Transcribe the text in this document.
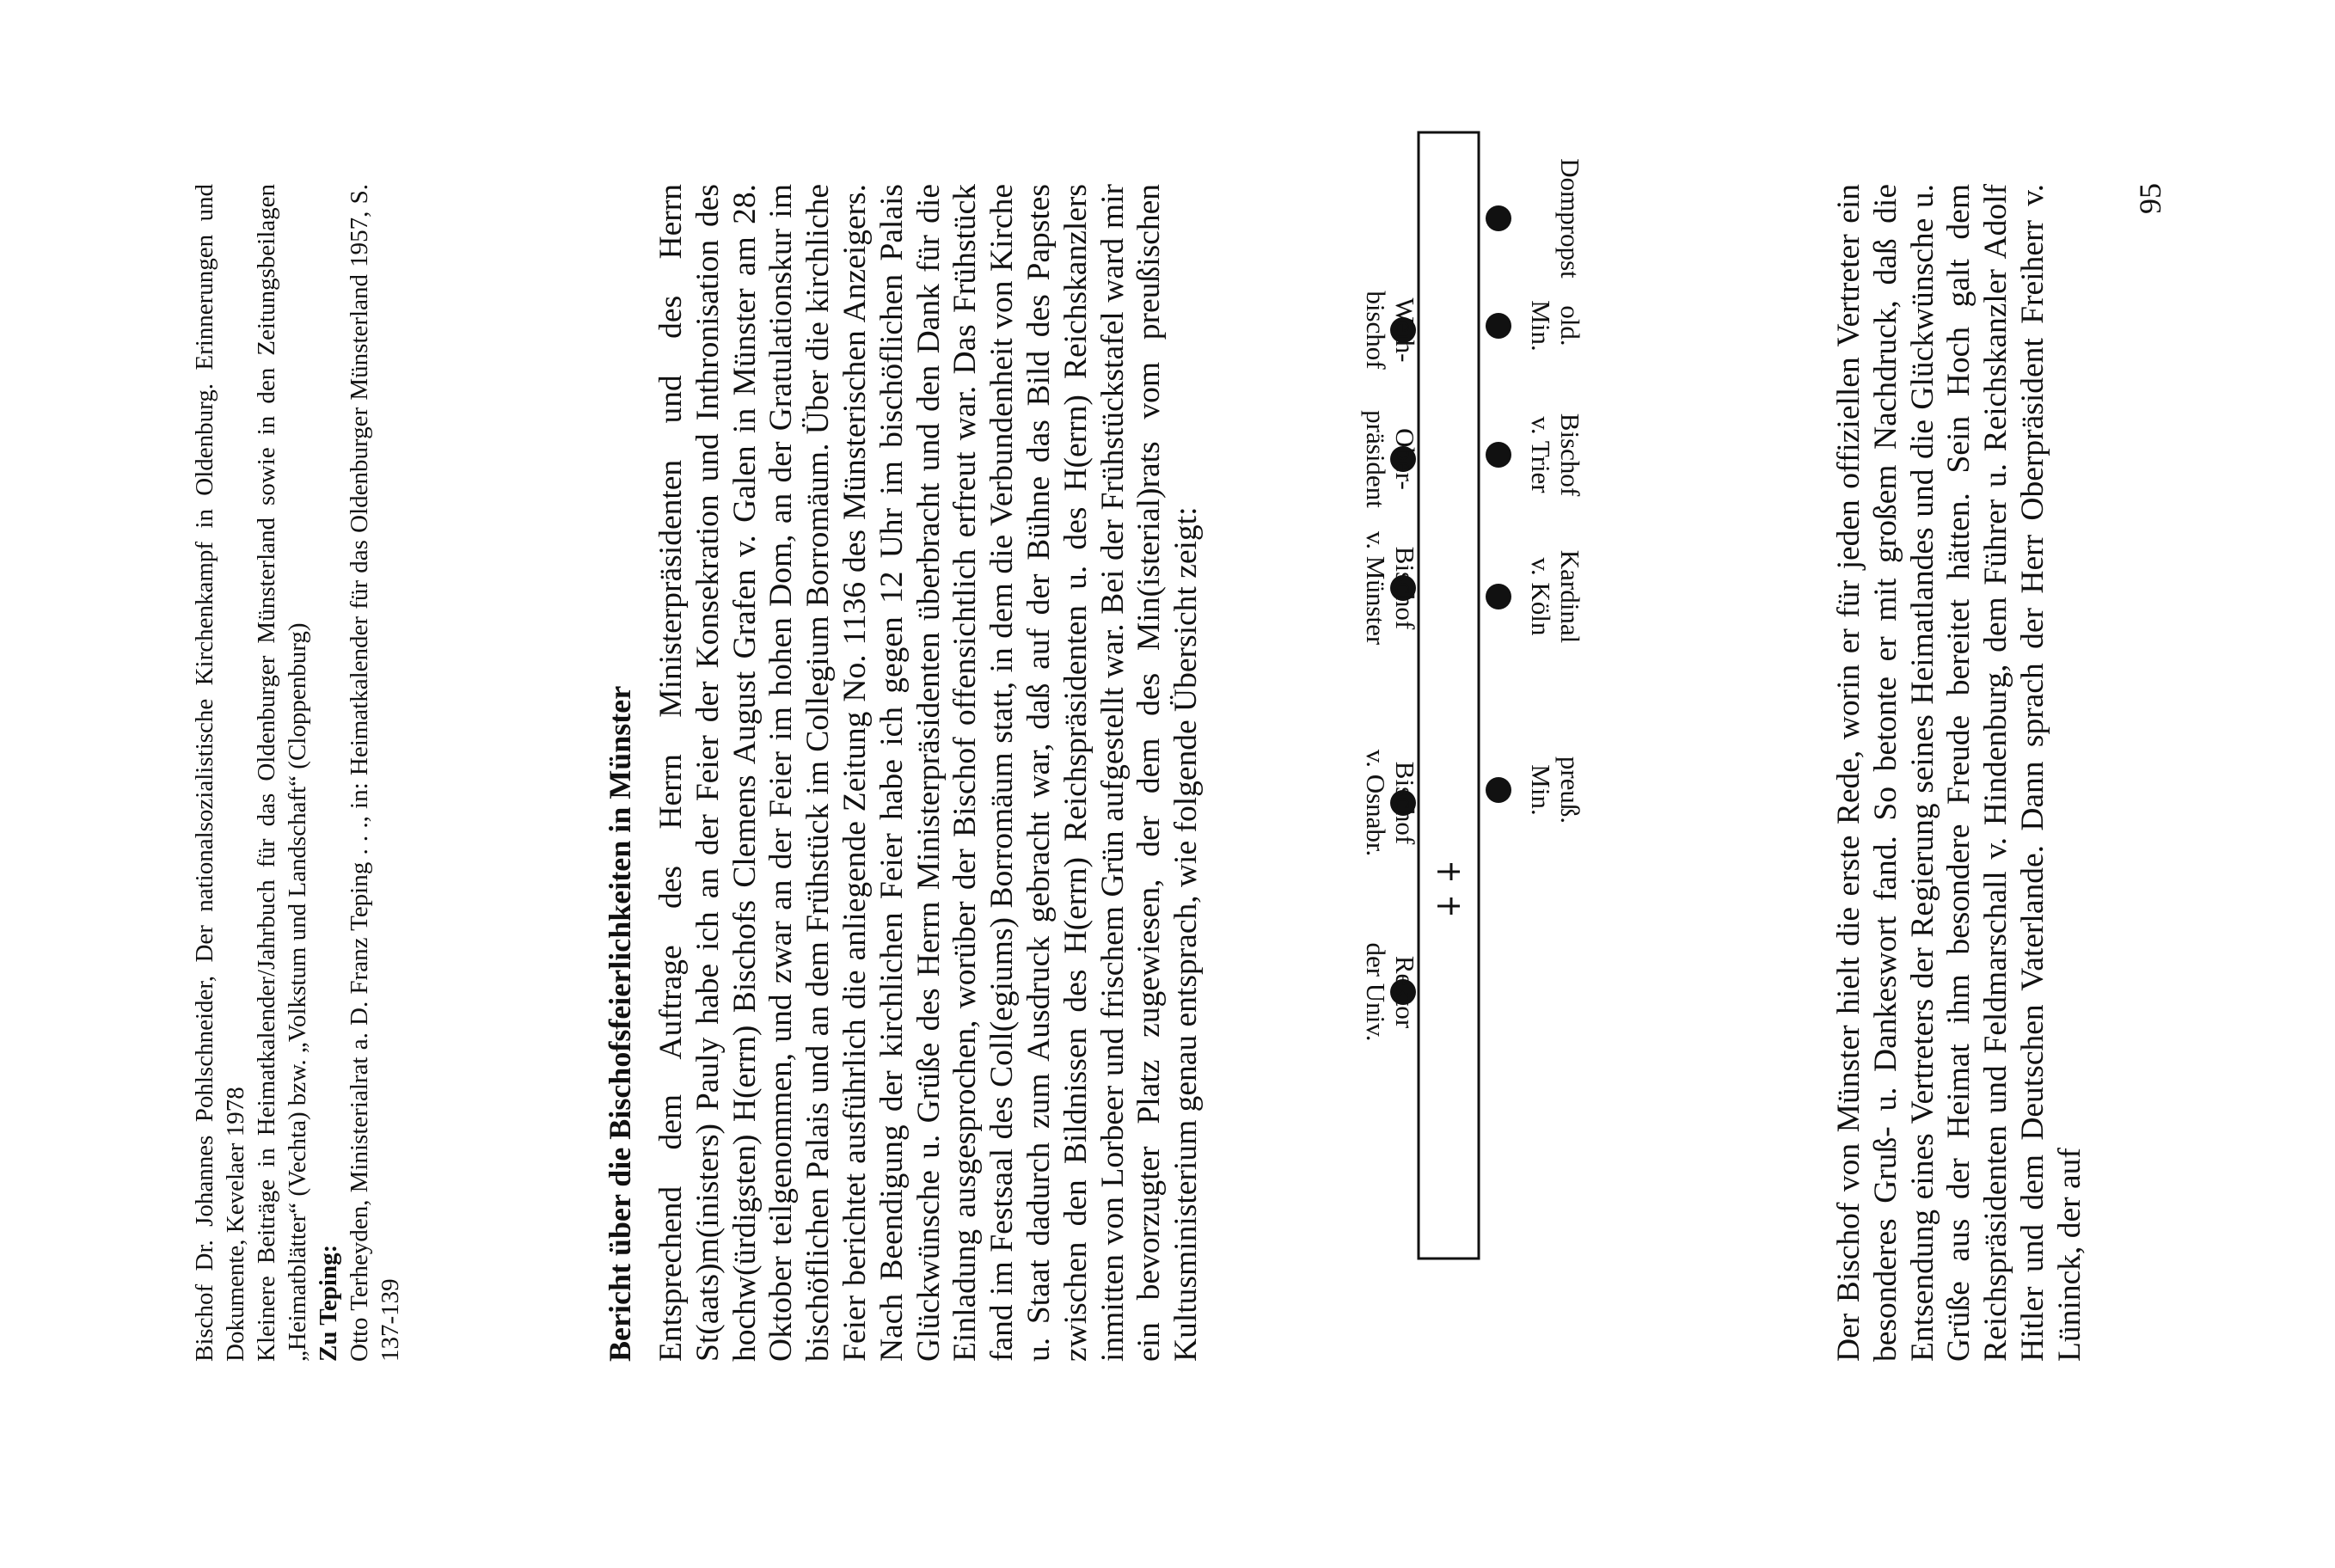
Bischof Dr. Johannes Pohlschneider, Der nationalsozialistische Kirchenkampf in Oldenburg. Erinnerungen und Dokumente, Kevelaer 1978 Kleinere Beiträge in Heimatkalender/Jahrbuch für das Oldenburger Münsterland sowie in den Zeitungsbeilagen „Heimatblätter“ (Vechta) bzw. „Volkstum und Landschaft“ (Cloppenburg) Zu Teping: Otto Terheyden, Ministerialrat a. D. Franz Teping . . ., in: Heimatkalender für das Oldenburger Münsterland 1957, S. 137-139	Bericht über die Bischofsfeierlichkeiten in Münster Entsprechend dem Auftrage des Herrn Ministerpräsidenten und des Herrn St(aats)m(inisters) Pauly habe ich an der Feier der Konsekration und Inthronisation des hochw(ürdigsten) H(errn) Bischofs Clemens August Grafen v. Galen in Münster am 28. Oktober teilgenommen, und zwar an der Feier im hohen Dom, an der Gratulationskur im bischöflichen Palais und an dem Frühstück im Collegium Borromäum. Über die kirchliche Feier berichtet ausführlich die anliegende Zeitung No. 1136 des Münsterischen Anzeigers. Nach Beendigung der kirchlichen Feier habe ich gegen 12 Uhr im bischöflichen Palais Glückwünsche u. Grüße des Herrn Ministerpräsidenten überbracht und den Dank für die Einladung ausgesprochen, worüber der Bischof offensichtlich erfreut war. Das Frühstück fand im Festsaal des Coll(egiums) Borromäum statt, in dem die Verbundenheit von Kirche u. Staat dadurch zum Ausdruck gebracht war, daß auf der Bühne das Bild des Papstes zwischen den Bildnissen des H(errn) Reichspräsidenten u. des H(errn) Reichskanzlers inmitten von Lorbeer und frischem Grün aufgestellt war. Bei der Frühstückstafel ward mir ein bevorzugter Platz zugewiesen, der dem des Min(isterial)rats vom preußischen Kultusministerium genau entsprach, wie folgende Übersicht zeigt:	Rektorder Univ.
Bischofv. Osnabr.
Bischofv. Münster
Ober-präsident
Weih-bischof
preuß.Min.
Kardinalv. Köln
Bischofv. Trier
old.Min.
Dompropst	Der Bischof von Münster hielt die erste Rede, worin er für jeden offiziellen Vertreter ein besonderes Gruß- u. Dankeswort fand. So betonte er mit großem Nachdruck, daß die Entsendung eines Vertreters der Regierung seines Heimatlandes und die Glückwünsche u. Grüße aus der Heimat ihm besondere Freude bereitet hätten. Sein Hoch galt dem Reichspräsidenten und Feldmarschall v. Hindenburg, dem Führer u. Reichskanzler Adolf Hitler und dem Deutschen Vaterlande. Dann sprach der Herr Oberpräsident Freiherr v. Lüninck, der auf
95
